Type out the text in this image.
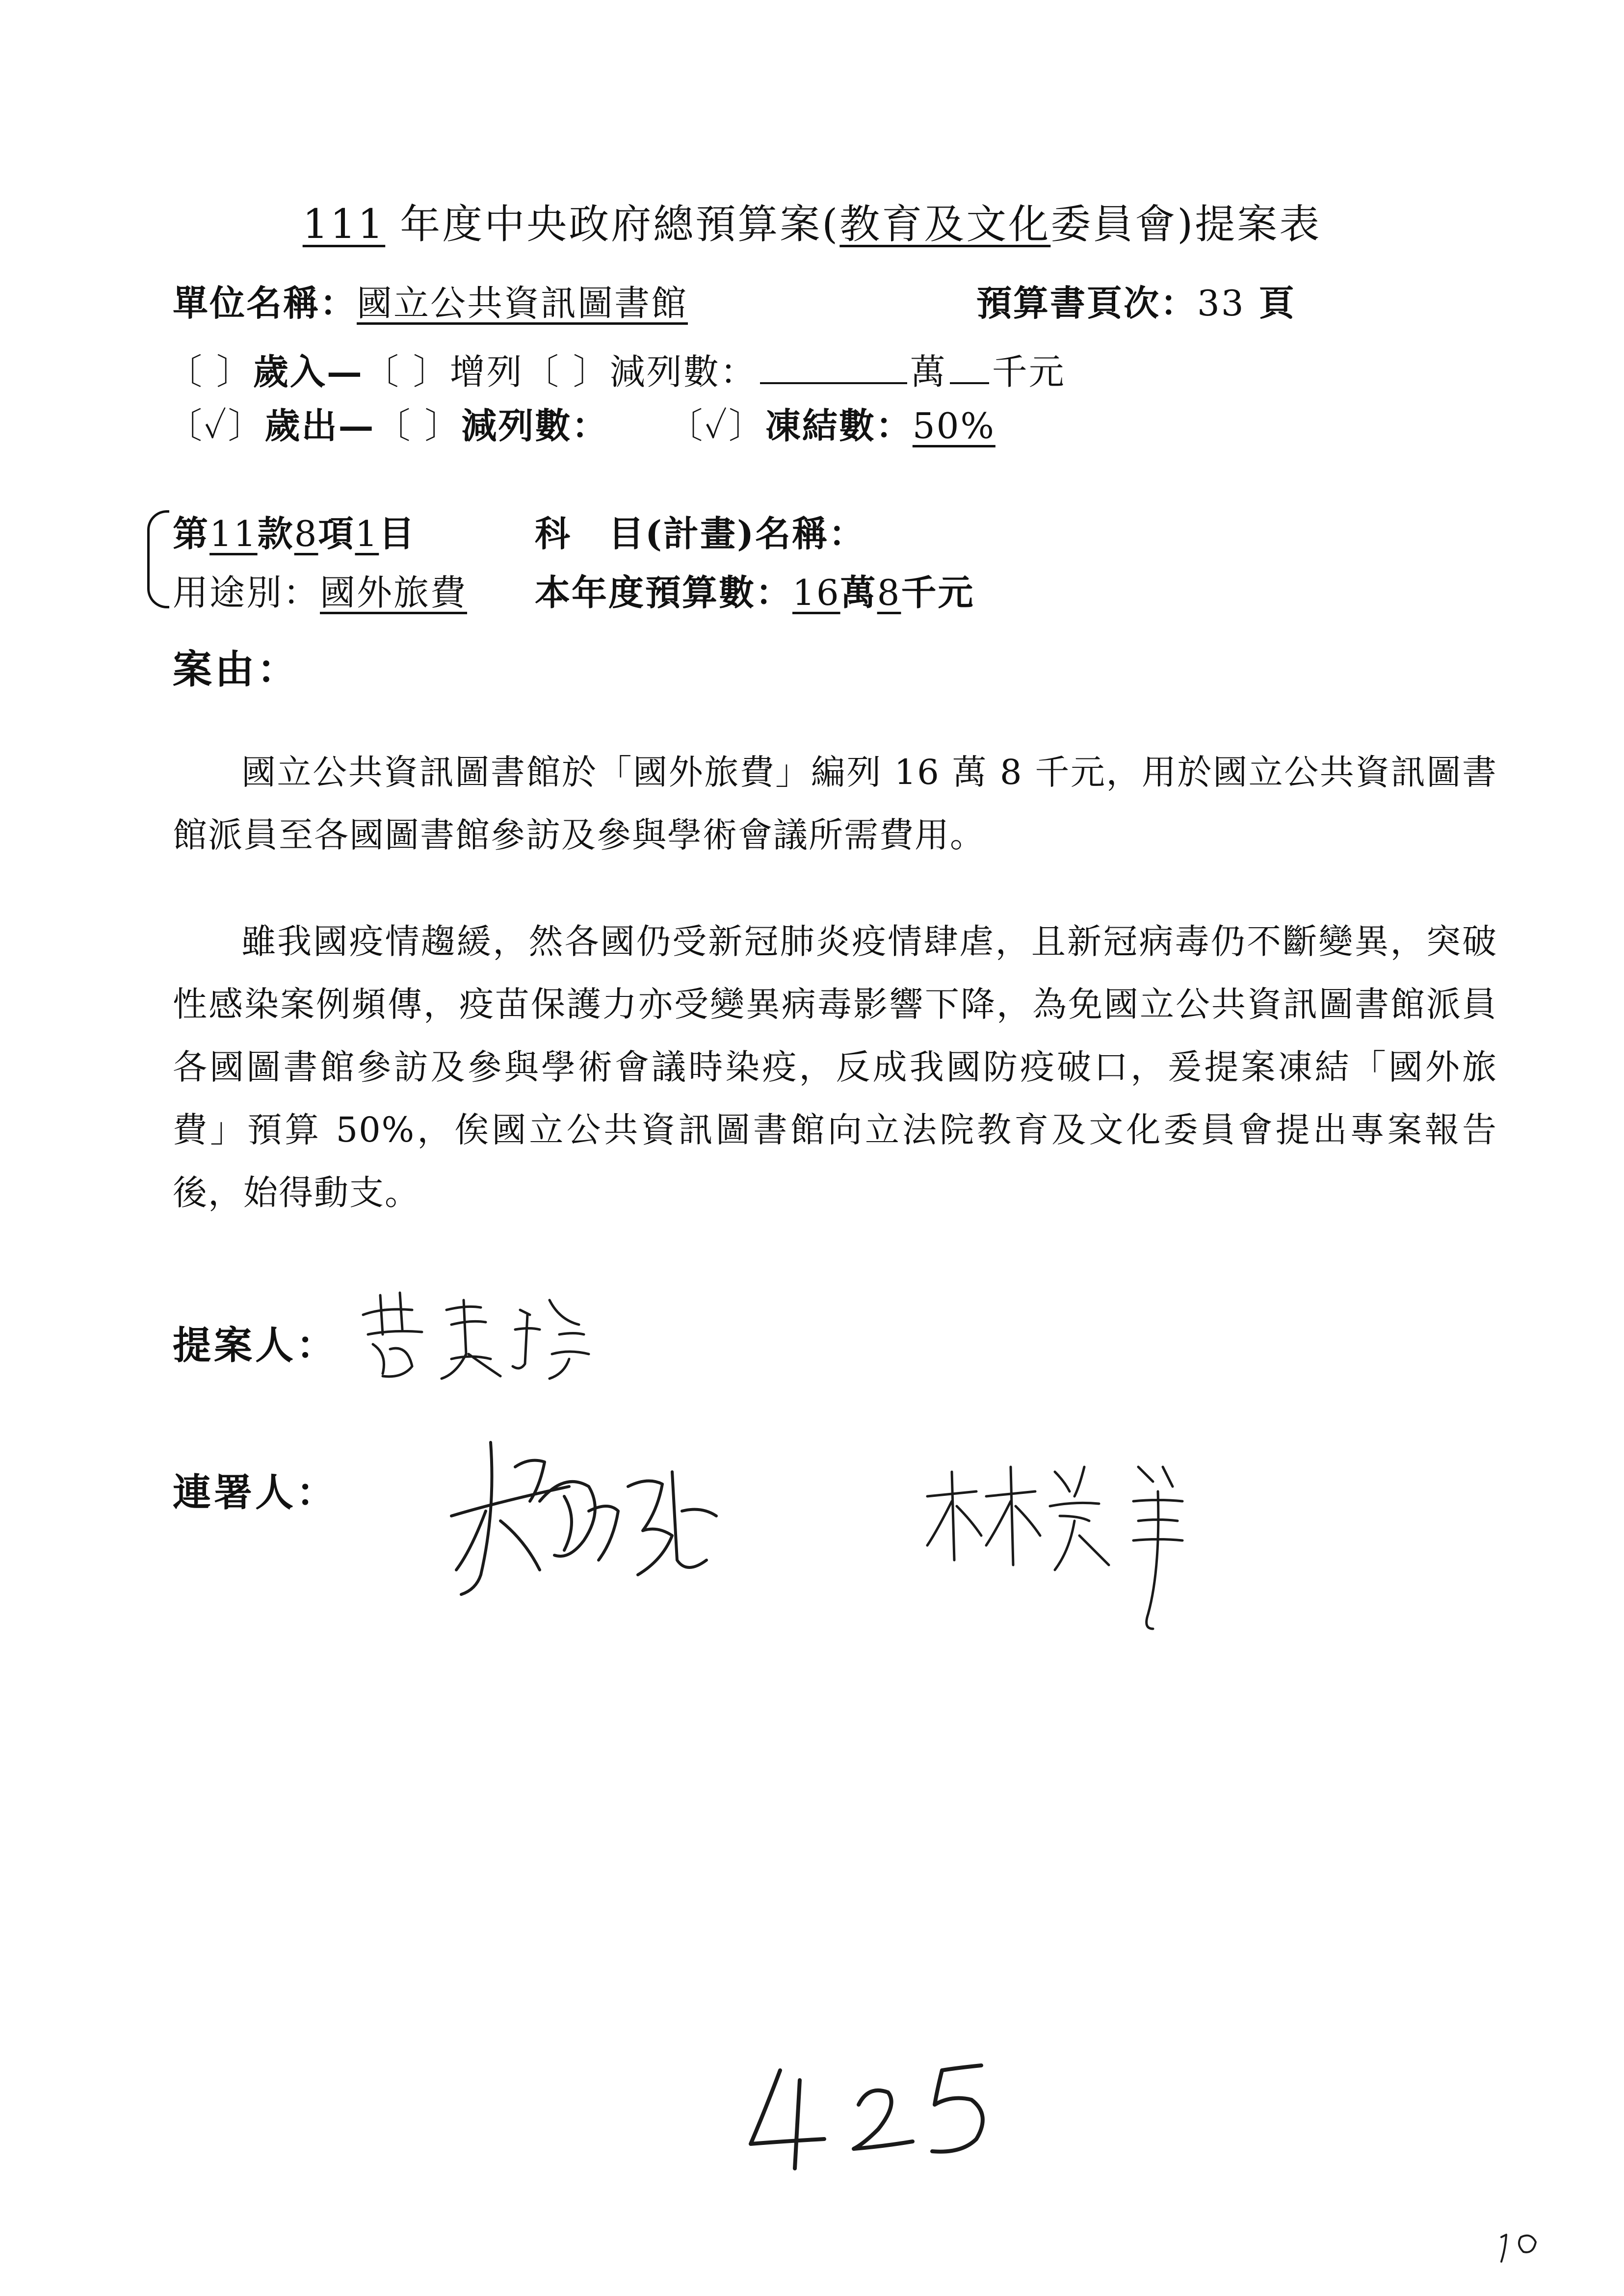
111 年度中央政府總預算案(教育及文化委員會)提案表
單位名稱：國立公共資訊圖書館	預算書頁次：33 頁
〔 〕歲入—〔 〕增列〔 〕減列數：	萬 千元
〔✓〕歲出—〔 〕減列數： 〔✓〕凍結數：50%
第11款8項1目	科　目(計畫)名稱：
用途別：國外旅費 本年度預算數：16萬8千元
案由：
國立公共資訊圖書館於「國外旅費」編列 16 萬 8 千元，用於國立公共資訊圖書館派員至各國圖書館參訪及參與學術會議所需費用。
雖我國疫情趨緩，然各國仍受新冠肺炎疫情肆虐，且新冠病毒仍不斷變異，突破性感染案例頻傳，疫苗保護力亦受變異病毒影響下降，為免國立公共資訊圖書館派員各國圖書館參訪及參與學術會議時染疫，反成我國防疫破口，爰提案凍結「國外旅費」預算 50%，俟國立公共資訊圖書館向立法院教育及文化委員會提出專案報告後，始得動支。
提案人：
連署人：
